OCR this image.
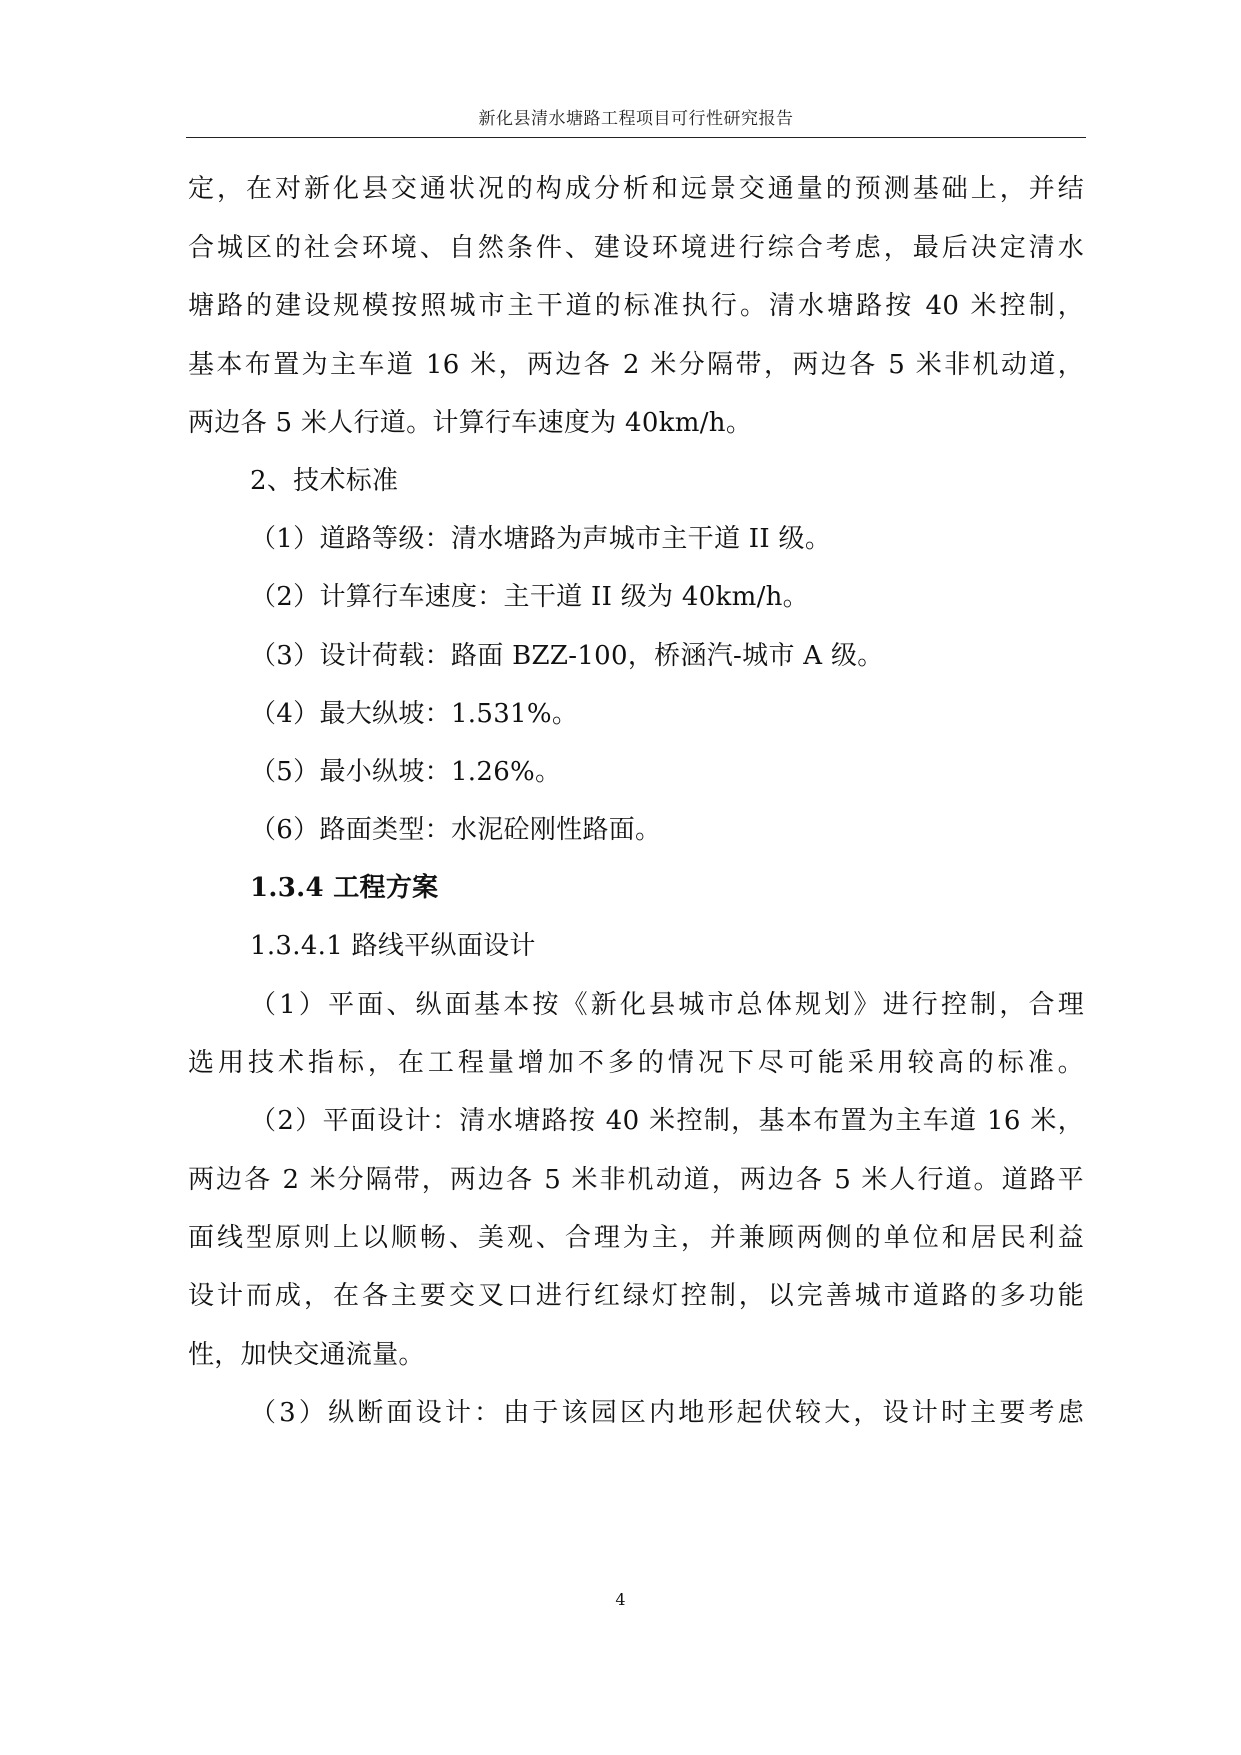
新化县清水塘路工程项目可行性研究报告
定，在对新化县交通状况的构成分析和远景交通量的预测基础上，并结
合城区的社会环境、自然条件、建设环境进行综合考虑，最后决定清水
塘路的建设规模按照城市主干道的标准执行。清水塘路按 40 米控制，
基本布置为主车道 16 米，两边各 2 米分隔带，两边各 5 米非机动道，
两边各 5 米人行道。计算行车速度为 40km/h。
2、技术标准
（1）道路等级：清水塘路为声城市主干道 II 级。
（2）计算行车速度：主干道 II 级为 40km/h。
（3）设计荷载：路面 BZZ-100，桥涵汽-城市 A 级。
（4）最大纵坡：1.531%。
（5）最小纵坡：1.26%。
（6）路面类型：水泥砼刚性路面。
1.3.4 工程方案
1.3.4.1 路线平纵面设计
（1）平面、纵面基本按《新化县城市总体规划》进行控制，合理
选用技术指标，在工程量增加不多的情况下尽可能采用较高的标准。
（2）平面设计：清水塘路按 40 米控制，基本布置为主车道 16 米，
两边各 2 米分隔带，两边各 5 米非机动道，两边各 5 米人行道。道路平
面线型原则上以顺畅、美观、合理为主，并兼顾两侧的单位和居民利益
设计而成，在各主要交叉口进行红绿灯控制，以完善城市道路的多功能
性，加快交通流量。
（3）纵断面设计：由于该园区内地形起伏较大，设计时主要考虑
4
